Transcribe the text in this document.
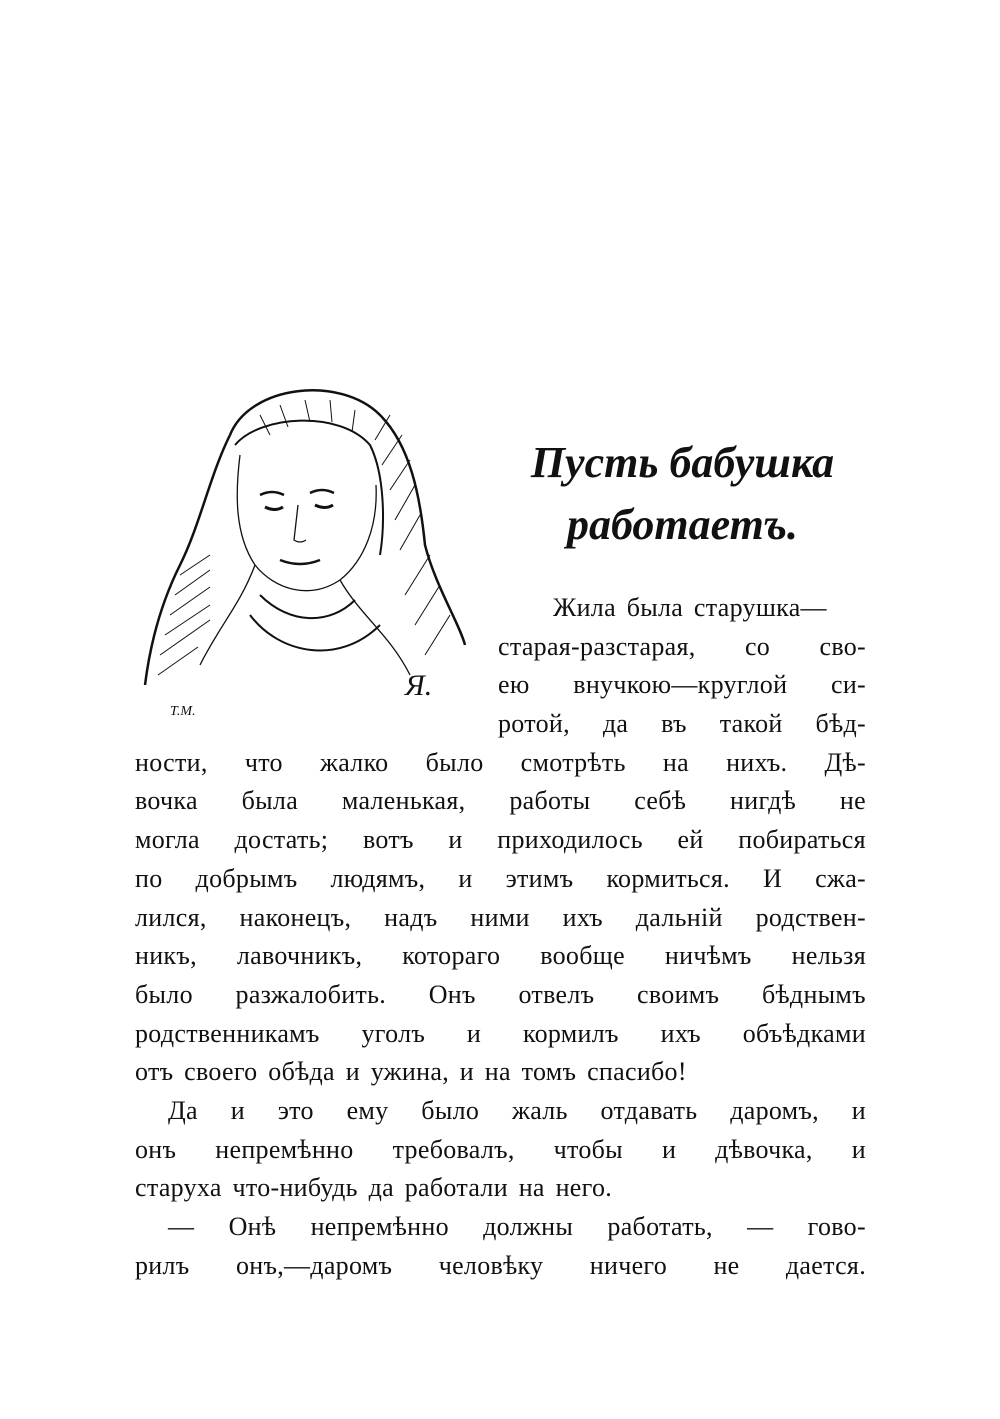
Т.М.
Я.
Пусть бабушка
работаетъ.
Жила была старушка—
старая-разстарая, со сво-
ею внучкою—круглой си-
ротой, да въ такой бѣд-
ности, что жалко было смотрѣть на нихъ. Дѣ-
вочка была маленькая, работы себѣ нигдѣ не
могла достать; вотъ и приходилось ей побираться
по добрымъ людямъ, и этимъ кормиться. И сжа-
лился, наконецъ, надъ ними ихъ дальній родствен-
никъ, лавочникъ, котораго вообще ничѣмъ нельзя
было разжалобить. Онъ отвелъ своимъ бѣднымъ
родственникамъ уголъ и кормилъ ихъ объѣдками
отъ своего обѣда и ужина, и на томъ спасибо!
Да и это ему было жаль отдавать даромъ, и
онъ непремѣнно требовалъ, чтобы и дѣвочка, и
старуха что-нибудь да работали на него.
— Онѣ непремѣнно должны работать, — гово-
рилъ онъ,—даромъ человѣку ничего не дается.
